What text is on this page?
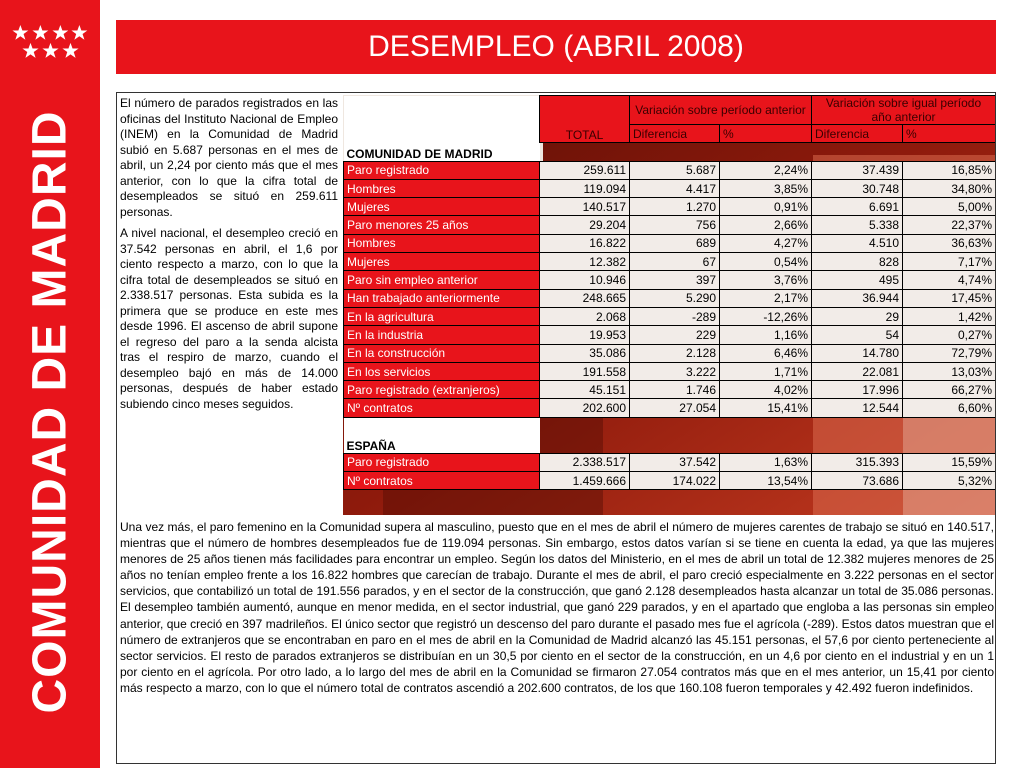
COMUNIDAD DE MADRID
DESEMPLEO (ABRIL 2008)

El número de parados registrados en las oficinas del Instituto Nacional de Empleo (INEM) en la Comunidad de Madrid subió en 5.687 personas en el mes de abril, un 2,24 por ciento más que el mes anterior, con lo que la cifra total de desempleados se situó en 259.611 personas.

A nivel nacional, el desempleo creció en 37.542 personas en abril, el 1,6 por ciento respecto a marzo, con lo que la cifra total de desempleados se situó en 2.338.517 personas. Esta subida es la primera que se produce en este mes desde 1996. El ascenso de abril supone el regreso del paro a la senda alcista tras el respiro de marzo, cuando el desempleo bajó en más de 14.000 personas, después de haber estado subiendo cinco meses seguidos.

	TOTAL	Variación sobre período anterior		Variación sobre igual período año anterior	
		Diferencia	%	Diferencia	%
COMUNIDAD DE MADRID					
Paro registrado	259.611	5.687	2,24%	37.439	16,85%
Hombres	119.094	4.417	3,85%	30.748	34,80%
Mujeres	140.517	1.270	0,91%	6.691	5,00%
Paro menores 25 años	29.204	756	2,66%	5.338	22,37%
Hombres	16.822	689	4,27%	4.510	36,63%
Mujeres	12.382	67	0,54%	828	7,17%
Paro sin empleo anterior	10.946	397	3,76%	495	4,74%
Han trabajado anteriormente	248.665	5.290	2,17%	36.944	17,45%
En la agricultura	2.068	-289	-12,26%	29	1,42%
En la industria	19.953	229	1,16%	54	0,27%
En la construcción	35.086	2.128	6,46%	14.780	72,79%
En los servicios	191.558	3.222	1,71%	22.081	13,03%
Paro registrado (extranjeros)	45.151	1.746	4,02%	17.996	66,27%
Nº contratos	202.600	27.054	15,41%	12.544	6,60%
ESPAÑA					
Paro registrado	2.338.517	37.542	1,63%	315.393	15,59%
Nº contratos	1.459.666	174.022	13,54%	73.686	5,32%

Una vez más, el paro femenino en la Comunidad supera al masculino, puesto que en el mes de abril el número de mujeres carentes de trabajo se situó en 140.517, mientras que el número de hombres desempleados fue de 119.094 personas. Sin embargo, estos datos varían si se tiene en cuenta la edad, ya que las mujeres menores de 25 años tienen más facilidades para encontrar un empleo. Según los datos del Ministerio, en el mes de abril un total de 12.382 mujeres menores de 25 años no tenían empleo frente a los 16.822 hombres que carecían de trabajo. Durante el mes de abril, el paro creció especialmente en 3.222 personas en el sector servicios, que contabilizó un total de 191.556 parados, y en el sector de la construcción, que ganó 2.128 desempleados hasta alcanzar un total de 35.086 personas. El desempleo también aumentó, aunque en menor medida, en el sector industrial, que ganó 229 parados, y en el apartado que engloba a las personas sin empleo anterior, que creció en 397 madrileños. El único sector que registró un descenso del paro durante el pasado mes fue el agrícola (-289). Estos datos muestran que el número de extranjeros que se encontraban en paro en el mes de abril en la Comunidad de Madrid alcanzó las 45.151 personas, el 57,6 por ciento perteneciente al sector servicios. El resto de parados extranjeros se distribuían en un 30,5 por ciento en el sector de la construcción, en un 4,6 por ciento en el industrial y en un 1 por ciento en el agrícola. Por otro lado, a lo largo del mes de abril en la Comunidad se firmaron 27.054 contratos más que en el mes anterior, un 15,41 por ciento más respecto a marzo, con lo que el número total de contratos ascendió a 202.600 contratos, de los que 160.108 fueron temporales y 42.492 fueron indefinidos.
